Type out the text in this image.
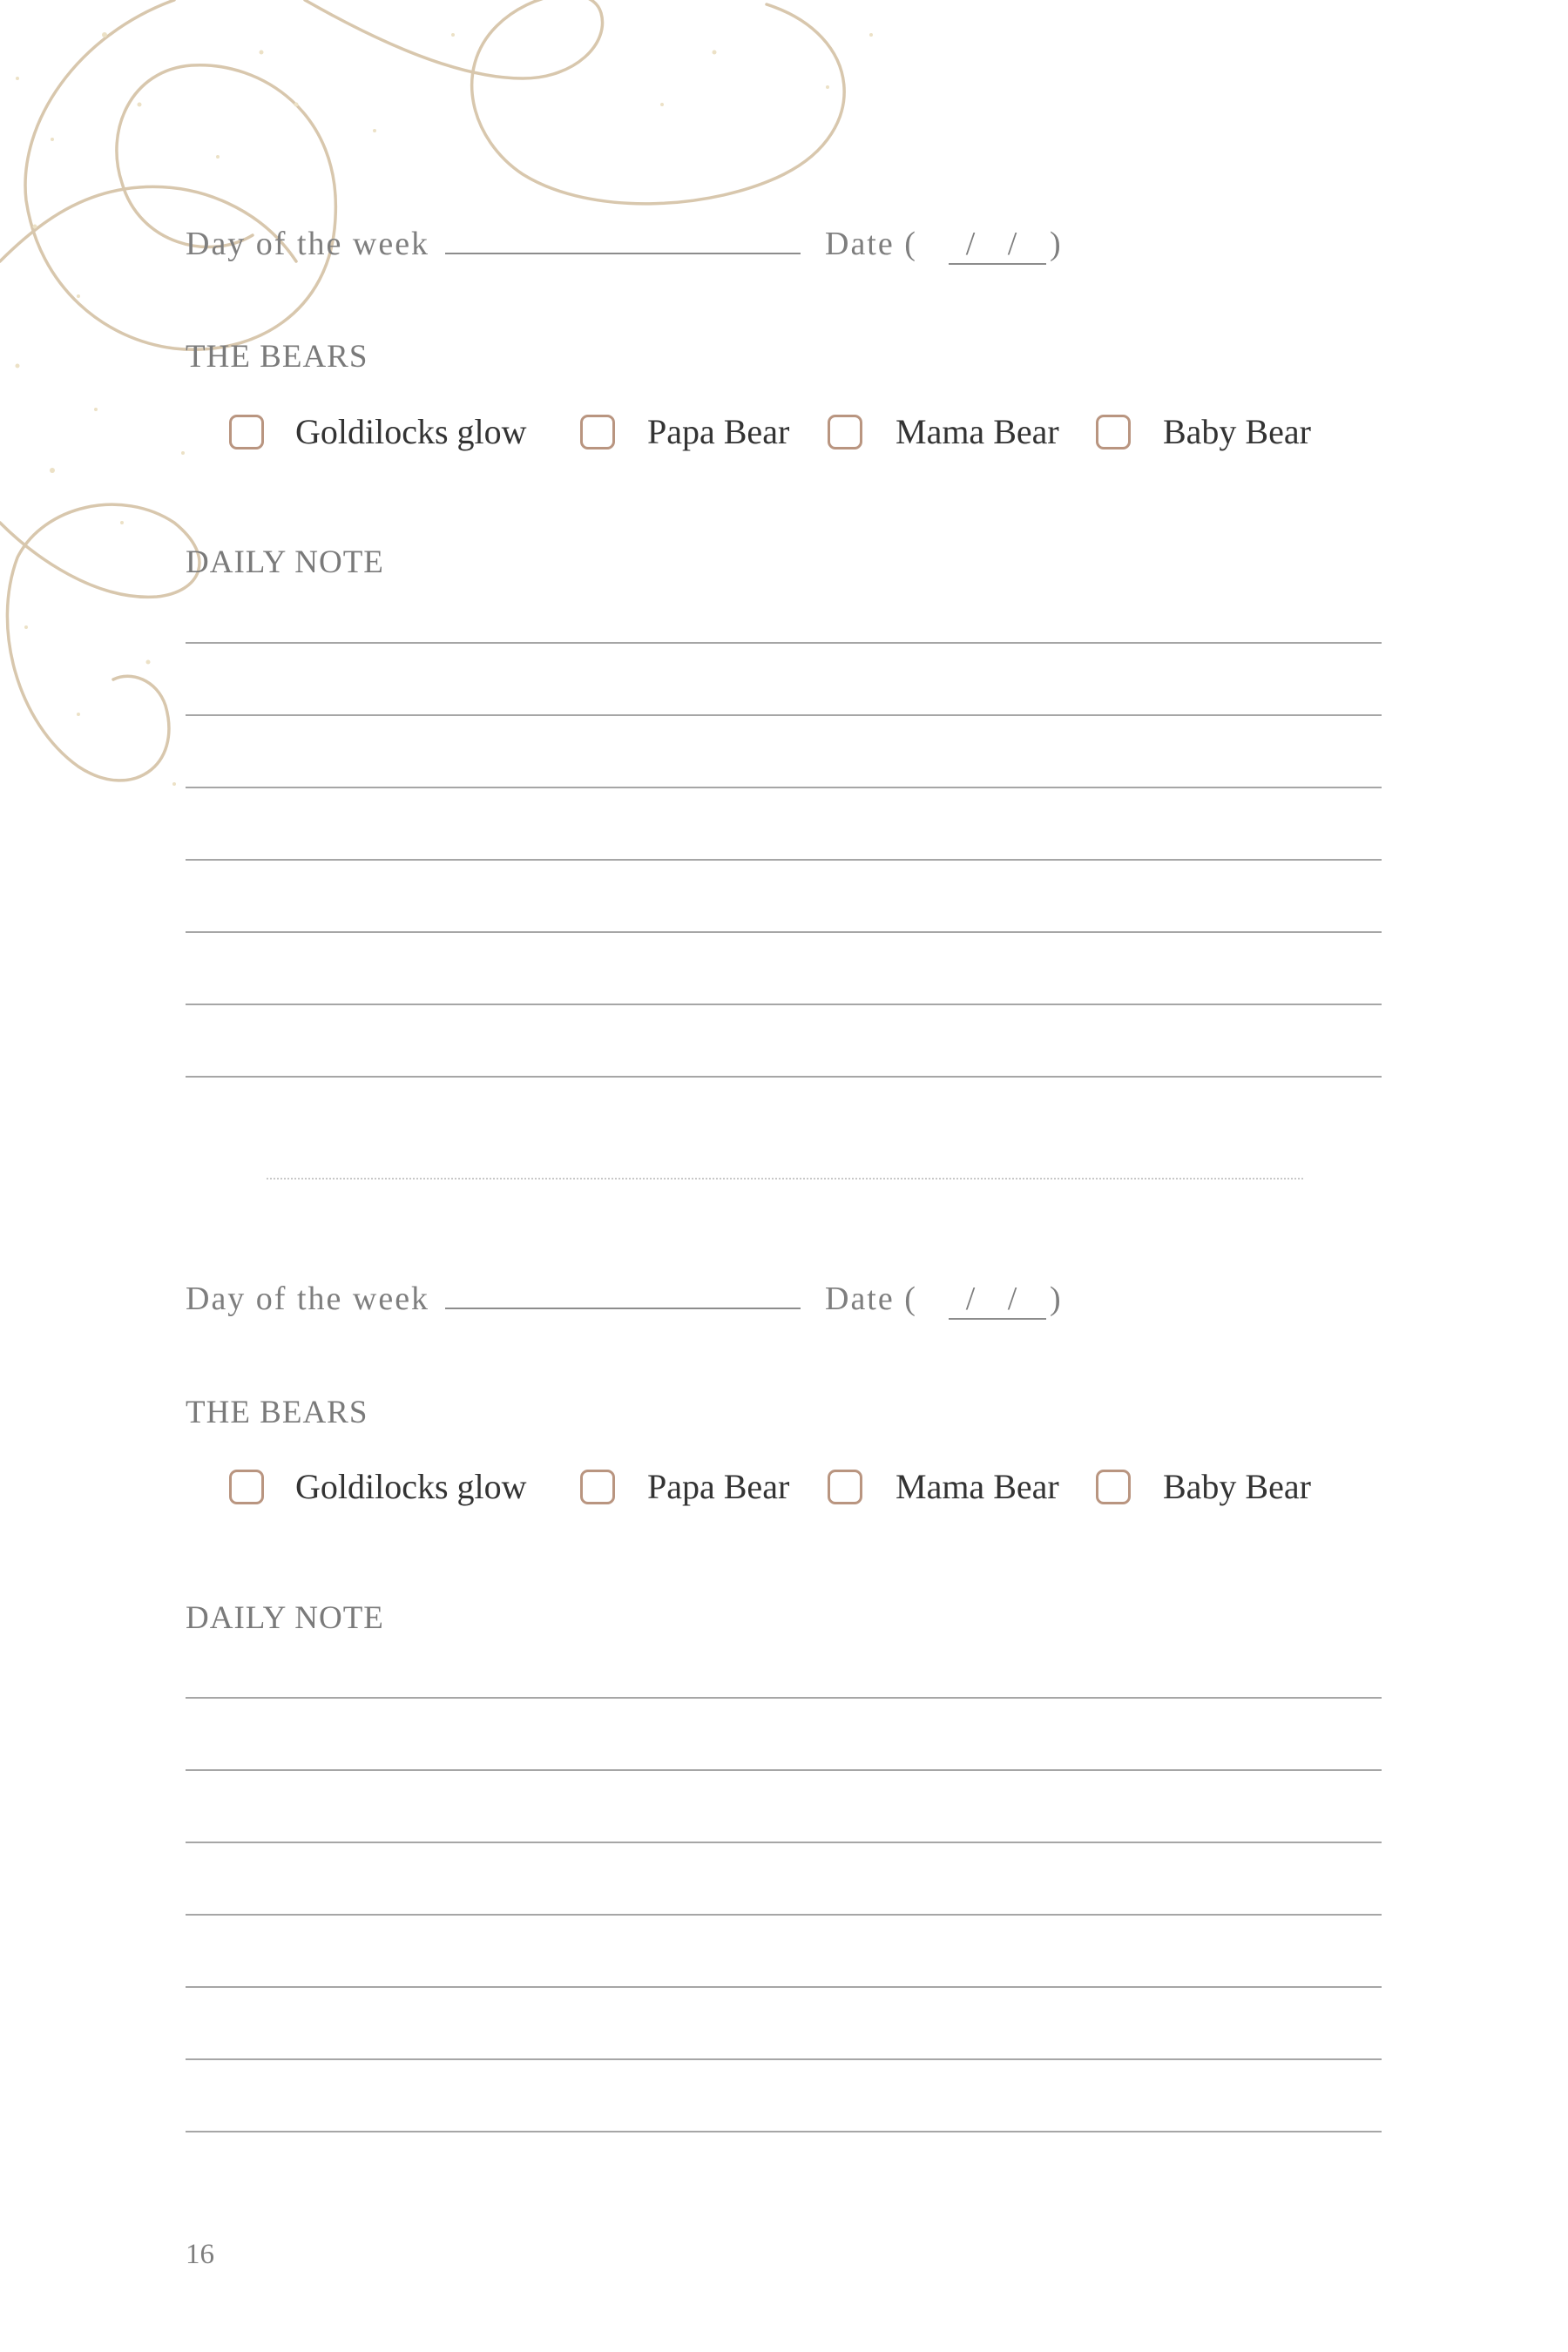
Day of the week	Date (	/ / )
THE BEARS
Goldilocks glow	Papa Bear	Mama Bear	Baby Bear
DAILY NOTE
Day of the week	Date (	/ / )
THE BEARS
Goldilocks glow	Papa Bear	Mama Bear	Baby Bear
DAILY NOTE
16
